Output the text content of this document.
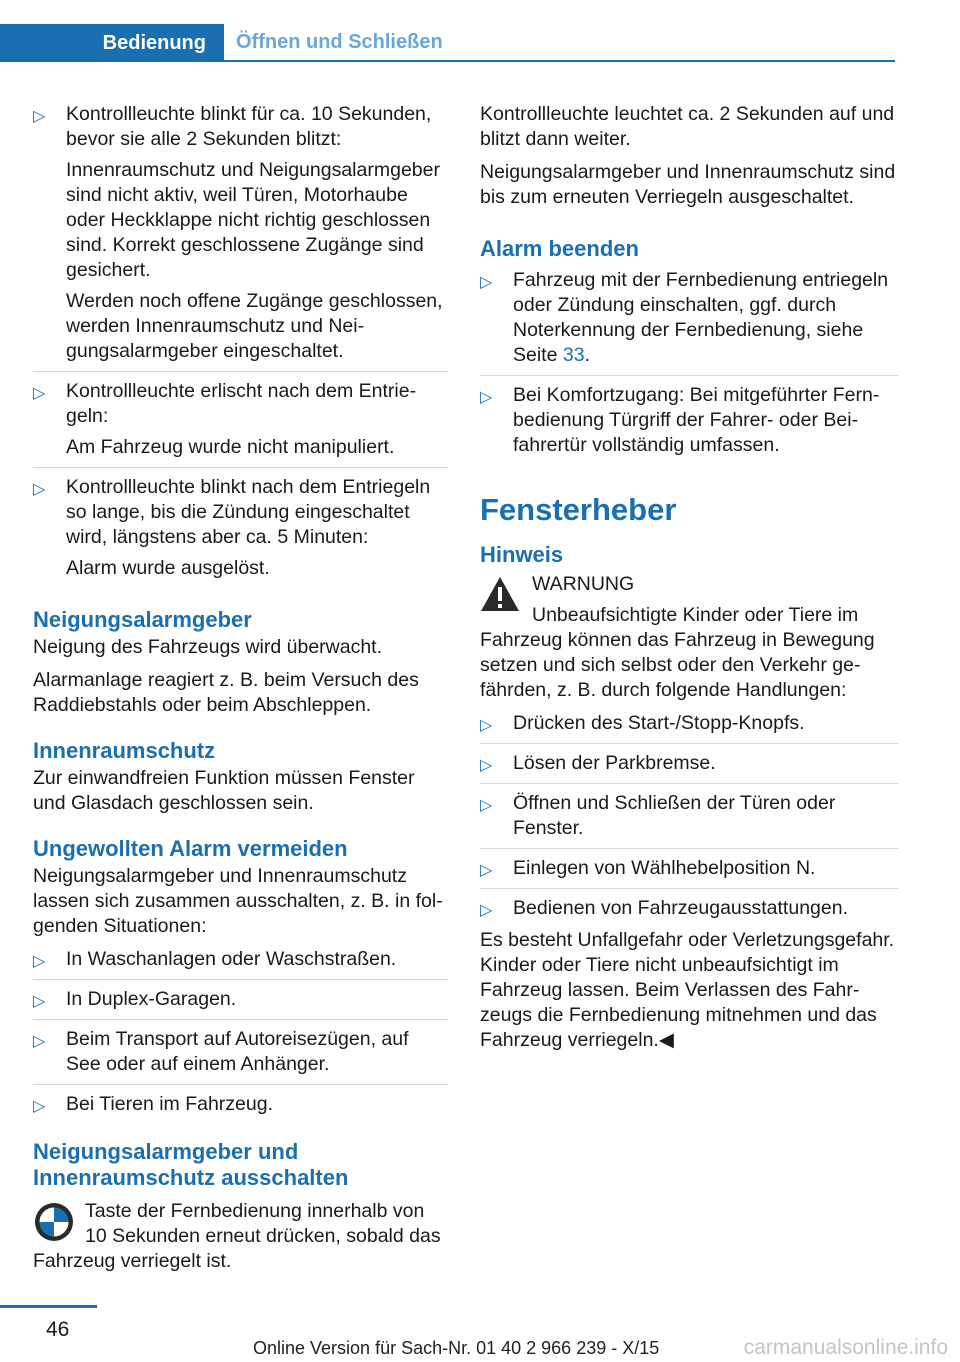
Bedienung	Öffnen und Schließen
▷ Kontrollleuchte blinkt für ca. 10 Sekunden, bevor sie alle 2 Sekunden blitzt:
Innenraumschutz und Neigungsalarmgeber sind nicht aktiv, weil Türen, Motorhaube oder Heckklappe nicht richtig geschlossen sind. Korrekt geschlossene Zugänge sind gesichert.
Werden noch offene Zugänge geschlossen, werden Innenraumschutz und Neigungsalarmgeber eingeschaltet.
▷ Kontrollleuchte erlischt nach dem Entriegeln:
Am Fahrzeug wurde nicht manipuliert.
▷ Kontrollleuchte blinkt nach dem Entriegeln so lange, bis die Zündung eingeschaltet wird, längstens aber ca. 5 Minuten:
Alarm wurde ausgelöst.
Neigungsalarmgeber

Neigung des Fahrzeugs wird überwacht.

Alarmanlage reagiert z. B. beim Versuch des Raddiebstahls oder beim Abschleppen.

Innenraumschutz

Zur einwandfreien Funktion müssen Fenster und Glasdach geschlossen sein.

Ungewollten Alarm vermeiden

Neigungsalarmgeber und Innenraumschutz lassen sich zusammen ausschalten, z. B. in folgenden Situationen:

▷ In Waschanlagen oder Waschstraßen.
▷ In Duplex-Garagen.
▷ Beim Transport auf Autoreisezügen, auf See oder auf einem Anhänger.
▷ Bei Tieren im Fahrzeug.
Neigungsalarmgeber und Innenraumschutz ausschalten
Taste der Fernbedienung innerhalb von 10 Sekunden erneut drücken, sobald das Fahrzeug verriegelt ist.

Kontrollleuchte leuchtet ca. 2 Sekunden auf und blitzt dann weiter.

Neigungsalarmgeber und Innenraumschutz sind bis zum erneuten Verriegeln ausgeschaltet.

Alarm beenden
▷ Fahrzeug mit der Fernbedienung entriegeln oder Zündung einschalten, ggf. durch Noterkennung der Fernbedienung, siehe Seite 33.
▷ Bei Komfortzugang: Bei mitgeführter Fernbedienung Türgriff der Fahrer- oder Beifahrertür vollständig umfassen.
Fensterheber
Hinweis
WARNUNG

Unbeaufsichtigte Kinder oder Tiere im Fahrzeug können das Fahrzeug in Bewegung setzen und sich selbst oder den Verkehr gefährden, z. B. durch folgende Handlungen:

▷ Drücken des Start-/Stopp-Knopfs.
▷ Lösen der Parkbremse.
▷ Öffnen und Schließen der Türen oder Fenster.
▷ Einlegen von Wählhebelposition N.
▷ Bedienen von Fahrzeugausstattungen.

Es besteht Unfallgefahr oder Verletzungsgefahr. Kinder oder Tiere nicht unbeaufsichtigt im Fahrzeug lassen. Beim Verlassen des Fahrzeugs die Fernbedienung mitnehmen und das Fahrzeug verriegeln.◀

46
Online Version für Sach-Nr. 01 40 2 966 239 - X/15	carmanualsonline.info
